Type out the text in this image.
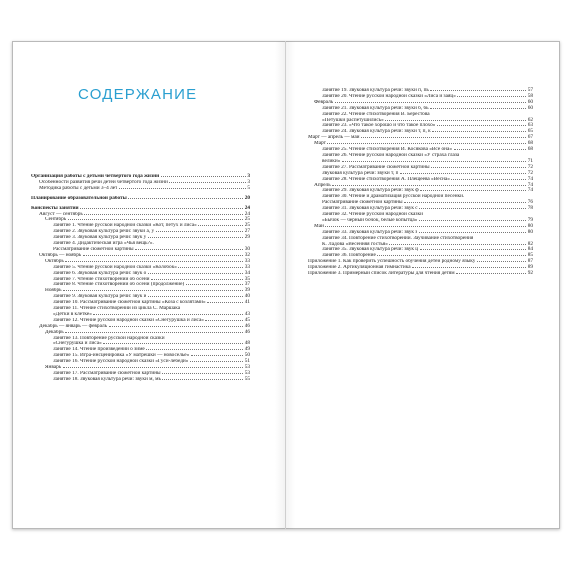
СОДЕРЖАНИЕ
Организация работы с детьми четвертого года жизни	3
Особенности развития речи детей четвертого года жизни	3
Методика работы с детьми 3–4 лет	5
Планирование образовательной работы	20
Конспекты занятий	24
Август — сентябрь	24
Сентябрь	25
Занятие 1. Чтение русской народной сказки «Кот, петух и лиса»	25
Занятие 2. Звуковая культура речи: звуки а, у	27
Занятие 3. Звуковая культура речи: звук у	29
Занятие 4. Дидактическая игра «Чья вещь?».
Рассматривание сюжетной картины	30
Октябрь — ноябрь	32
Октябрь	33
Занятие 5. Чтение русской народной сказки «Колобок»	33
Занятие 6. Звуковая культура речи: звук о	34
Занятие 7. Чтение стихотворений об осени	35
Занятие 8. Чтение стихотворений об осени (продолжение)	37
Ноябрь	39
Занятие 9. Звуковая культура речи: звук и	40
Занятие 10. Рассматривание сюжетной картины «Коза с козлятами»	41
Занятие 11. Чтение стихотворений из цикла С. Маршака
«Детки в клетке»	43
Занятие 12. Чтение русской народной сказки «Снегурушка и лиса»	45
Декабрь — январь — февраль	46
Декабрь	46
Занятие 13. Повторение русской народной сказки
«Снегурушка и лиса»	48
Занятие 14. Чтение произведений о зиме	49
Занятие 15. Игра-инсценировка «У матрешки — новоселье»	50
Занятие 16. Чтение русской народной сказки «Гуси-лебеди»	51
Январь	53
Занятие 17. Рассматривание сюжетной картины	53
Занятие 18. Звуковая культура речи: звуки м, мь	55
Занятие 19. Звуковая культура речи: звуки п, пь	57
Занятие 20. Чтение русской народной сказки «Лиса и заяц»	58
Февраль	60
Занятие 21. Звуковая культура речи: звуки б, бь	60
Занятие 22. Чтение стихотворения В. Берестова
«Петушки распетушились»	62
Занятие 23. «Что такое хорошо и что такое плохо»	63
Занятие 24. Звуковая культура речи: звуки т, п, к	65
Март — апрель — май	67
Март	68
Занятие 25. Чтение стихотворения И. Косякова «Все она»	68
Занятие 26. Чтение русской народной сказки «У страха глаза
велики»	71
Занятие 27. Рассматривание сюжетной картины	72
Звуковая культура речи: звуки т, п	72
Занятие 28. Чтение стихотворения А. Плещеева «Весна»	74
Апрель	74
Занятие 29. Звуковая культура речи: звук ф	74
Занятие 30. Чтение и драматизация русской народной песенки.
Рассматривание сюжетной картины	76
Занятие 31. Звуковая культура речи: звук с	78
Занятие 32. Чтение русской народной сказки
«Бычок — черный бочок, белые копытца»	79
Май	80
Занятие 33. Звуковая культура речи: звук з	80
Занятие 34. Повторение стихотворений. Заучивание стихотворения
К. Ладова «Весенняя гостья»	82
Занятие 35. Звуковая культура речи: звук ц	84
Занятие 36. Повторение	85
Приложение 1. Как проверить успешность обучения детей родному языку	87
Приложение 2. Артикуляционная гимнастика	89
Приложение 3. Примерный список литературы для чтения детям	92
